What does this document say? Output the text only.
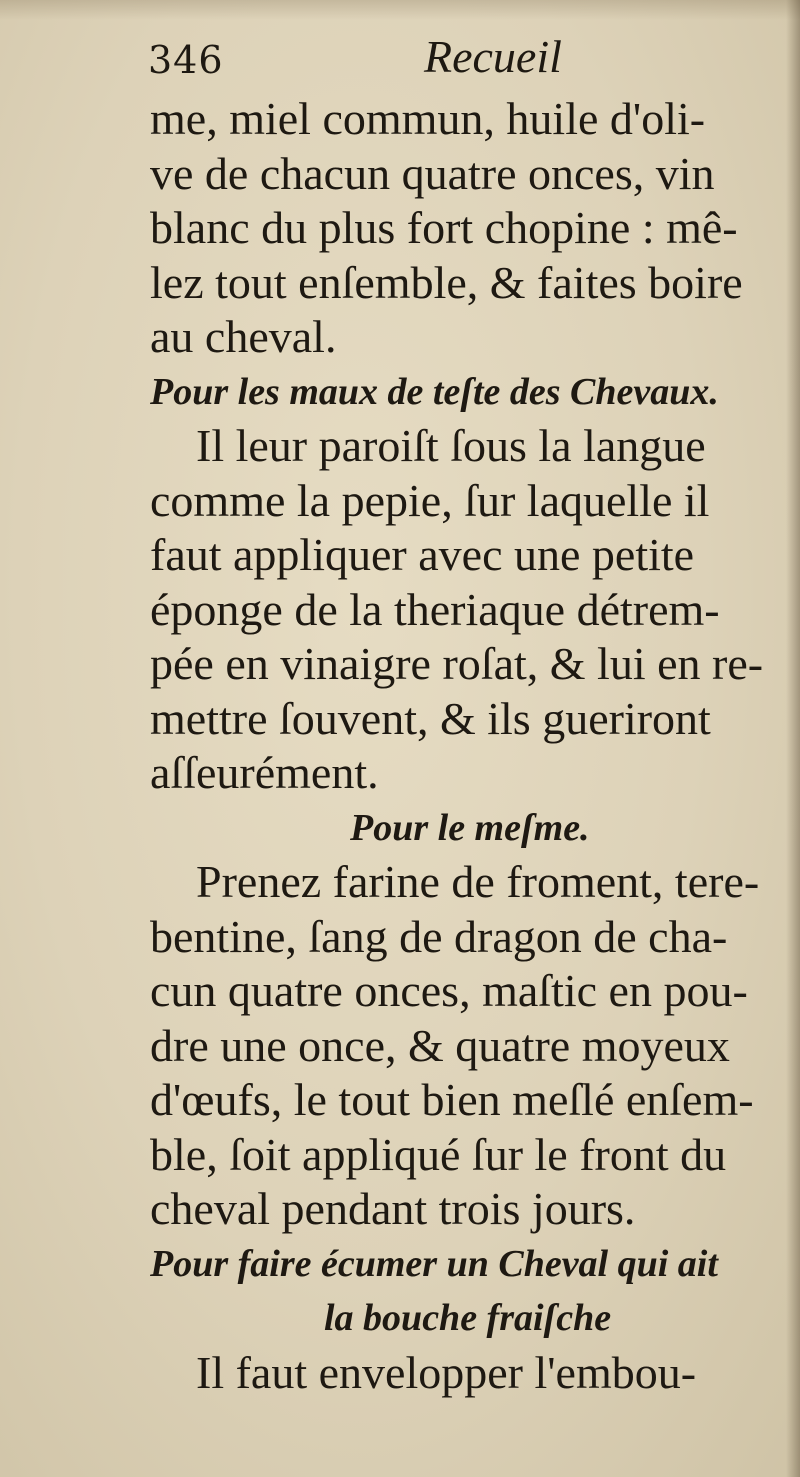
346	Recueil
me, miel commun, huile d'oli-
ve de chacun quatre onces, vin
blanc du plus fort chopine : mê-
lez tout enſemble, & faites boire
au cheval.
Pour les maux de teſte des Chevaux.
Il leur paroiſt ſous la langue
comme la pepie, ſur laquelle il
faut appliquer avec une petite
éponge de la theriaque détrem-
pée en vinaigre roſat, & lui en re-
mettre ſouvent, & ils gueriront
aſſeurément.
Pour le meſme.
Prenez farine de froment, tere-
bentine, ſang de dragon de cha-
cun quatre onces, maſtic en pou-
dre une once, & quatre moyeux
d'œufs, le tout bien meſlé enſem-
ble, ſoit appliqué ſur le front du
cheval pendant trois jours.
Pour faire écumer un Cheval qui ait
la bouche fraiſche
Il faut envelopper l'embou-
